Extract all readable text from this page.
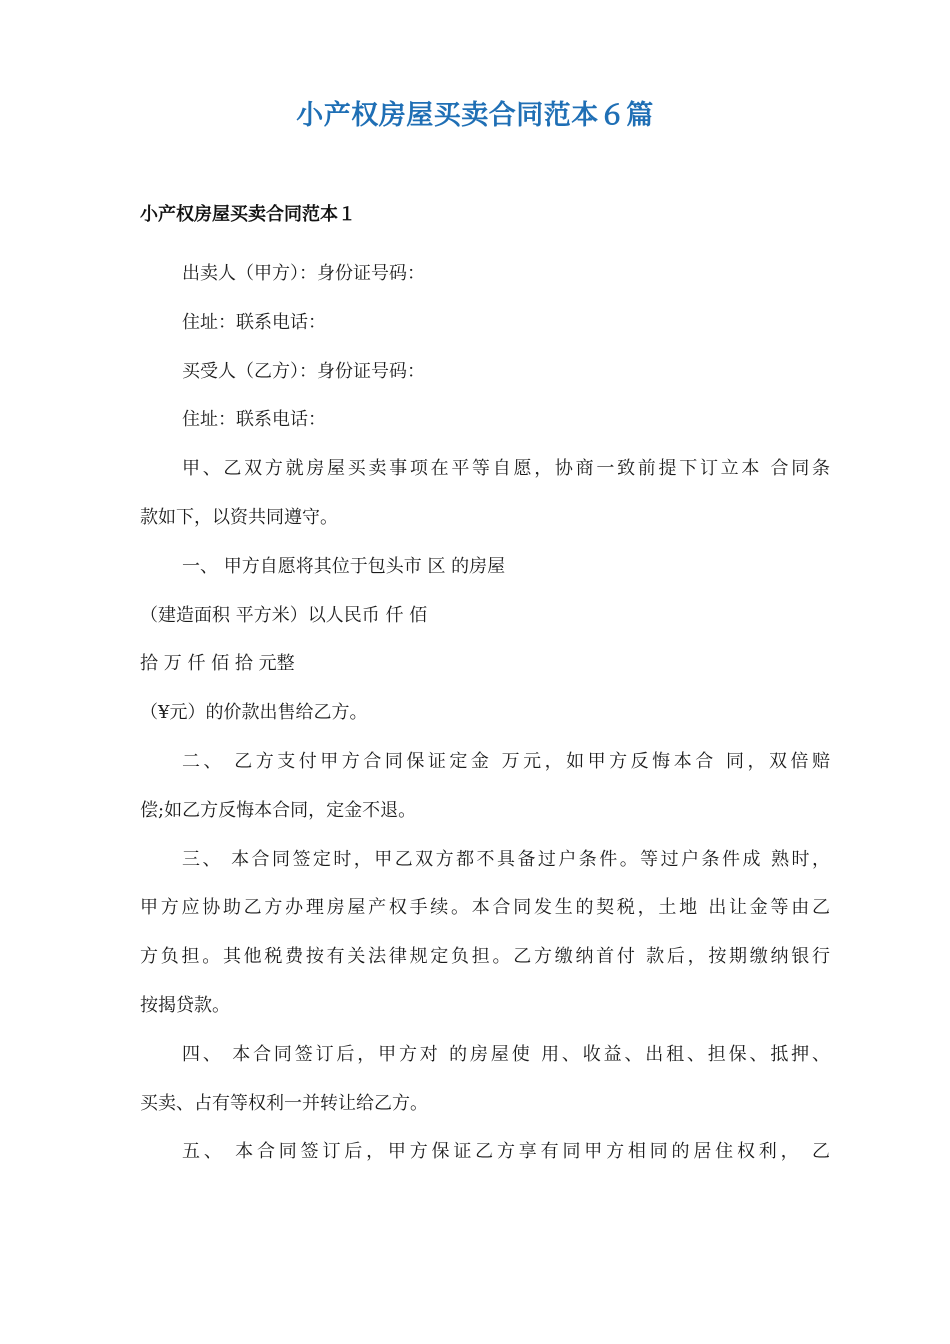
小产权房屋买卖合同范本６篇
小产权房屋买卖合同范本１
出卖人（甲方）：身份证号码：
住址：联系电话：
买受人（乙方）：身份证号码：
住址：联系电话：
甲、乙双方就房屋买卖事项在平等自愿，协商一致前提下订立本 合同条
款如下，以资共同遵守。
一、 甲方自愿将其位于包头市 区 的房屋
（建造面积 平方米）以人民币 仟 佰
拾 万 仟 佰 拾 元整
（¥元）的价款出售给乙方。
二、 乙方支付甲方合同保证定金 万元，如甲方反悔本合 同，双倍赔
偿;如乙方反悔本合同，定金不退。
三、 本合同签定时，甲乙双方都不具备过户条件。等过户条件成 熟时，
甲方应协助乙方办理房屋产权手续。本合同发生的契税，土地 出让金等由乙
方负担。其他税费按有关法律规定负担。乙方缴纳首付 款后，按期缴纳银行
按揭贷款。
四、 本合同签订后，甲方对 的房屋使 用、收益、出租、担保、抵押、
买卖、占有等权利一并转让给乙方。
五、 本合同签订后，甲方保证乙方享有同甲方相同的居住权利， 乙
